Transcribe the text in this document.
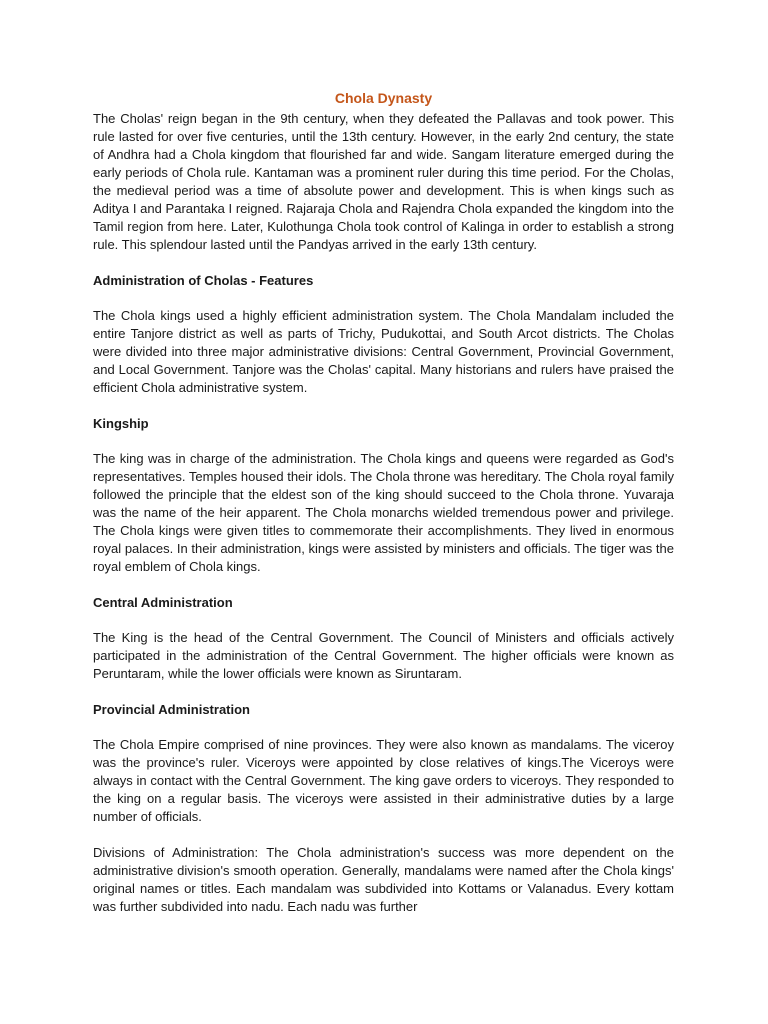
Chola Dynasty

The Cholas' reign began in the 9th century, when they defeated the Pallavas and took power. This rule lasted for over five centuries, until the 13th century. However, in the early 2nd century, the state of Andhra had a Chola kingdom that flourished far and wide. Sangam literature emerged during the early periods of Chola rule. Kantaman was a prominent ruler during this time period. For the Cholas, the medieval period was a time of absolute power and development. This is when kings such as Aditya I and Parantaka I reigned. Rajaraja Chola and Rajendra Chola expanded the kingdom into the Tamil region from here. Later, Kulothunga Chola took control of Kalinga in order to establish a strong rule. This splendour lasted until the Pandyas arrived in the early 13th century.

Administration of Cholas - Features

The Chola kings used a highly efficient administration system. The Chola Mandalam included the entire Tanjore district as well as parts of Trichy, Pudukottai, and South Arcot districts. The Cholas were divided into three major administrative divisions: Central Government, Provincial Government, and Local Government. Tanjore was the Cholas' capital. Many historians and rulers have praised the efficient Chola administrative system.

Kingship

The king was in charge of the administration. The Chola kings and queens were regarded as God's representatives. Temples housed their idols. The Chola throne was hereditary. The Chola royal family followed the principle that the eldest son of the king should succeed to the Chola throne. Yuvaraja was the name of the heir apparent. The Chola monarchs wielded tremendous power and privilege. The Chola kings were given titles to commemorate their accomplishments. They lived in enormous royal palaces. In their administration, kings were assisted by ministers and officials. The tiger was the royal emblem of Chola kings.

Central Administration

The King is the head of the Central Government. The Council of Ministers and officials actively participated in the administration of the Central Government. The higher officials were known as Peruntaram, while the lower officials were known as Siruntaram.

Provincial Administration

The Chola Empire comprised of nine provinces. They were also known as mandalams. The viceroy was the province's ruler. Viceroys were appointed by close relatives of kings.The Viceroys were always in contact with the Central Government. The king gave orders to viceroys. They responded to the king on a regular basis. The viceroys were assisted in their administrative duties by a large number of officials.

Divisions of Administration: The Chola administration's success was more dependent on the administrative division's smooth operation. Generally, mandalams were named after the Chola kings' original names or titles. Each mandalam was subdivided into Kottams or Valanadus. Every kottam was further subdivided into nadu. Each nadu was further
